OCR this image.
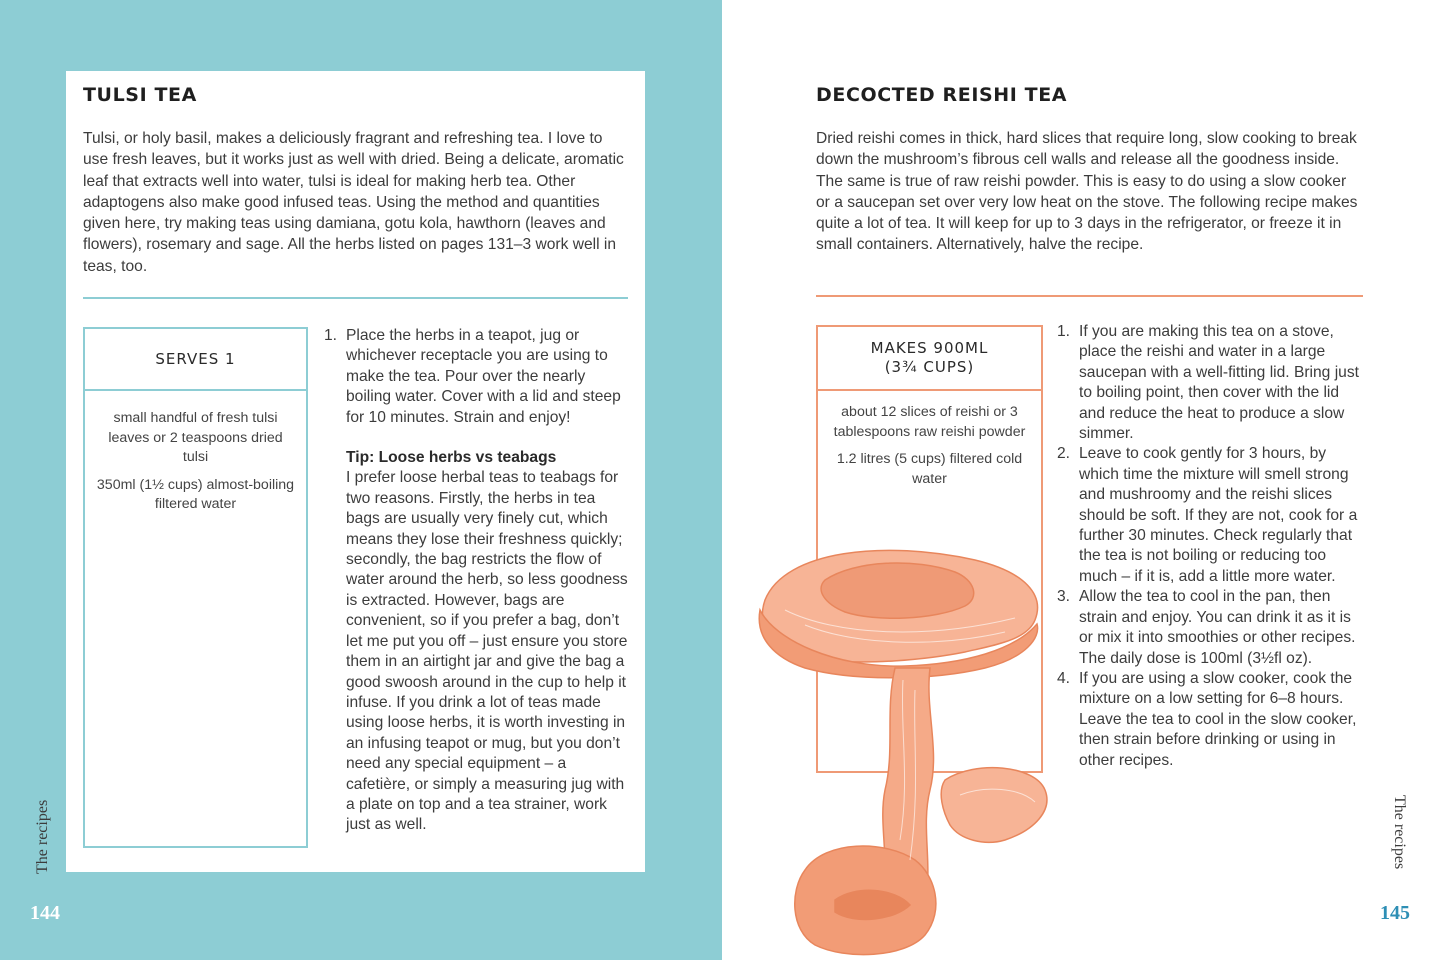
TULSI TEA

Tulsi, or holy basil, makes a deliciously fragrant and refreshing tea. I love to use fresh leaves, but it works just as well with dried. Being a delicate, aromatic leaf that extracts well into water, tulsi is ideal for making herb tea. Other adaptogens also make good infused teas. Using the method and quantities given here, try making teas using damiana, gotu kola, hawthorn (leaves and flowers), rosemary and sage. All the herbs listed on pages 131–3 work well in teas, too.

SERVES 1

small handful of fresh tulsi leaves or 2 teaspoons dried tulsi

350ml (1½ cups) almost-boiling filtered water

1. Place the herbs in a teapot, jug or whichever receptacle you are using to make the tea. Pour over the nearly boiling water. Cover with a lid and steep for 10 minutes. Strain and enjoy!
Tip: Loose herbs vs teabags
I prefer loose herbal teas to teabags for two reasons. Firstly, the herbs in tea bags are usually very finely cut, which means they lose their freshness quickly; secondly, the bag restricts the flow of water around the herb, so less goodness is extracted. However, bags are convenient, so if you prefer a bag, don’t let me put you off – just ensure you store them in an airtight jar and give the bag a good swoosh around in the cup to help it infuse. If you drink a lot of teas made using loose herbs, it is worth investing in an infusing teapot or mug, but you don’t need any special equipment – a cafetière, or simply a measuring jug with a plate on top and a tea strainer, work just as well.
The recipes
144
DECOCTED REISHI TEA

Dried reishi comes in thick, hard slices that require long, slow cooking to break down the mushroom’s fibrous cell walls and release all the goodness inside. The same is true of raw reishi powder. This is easy to do using a slow cooker or a saucepan set over very low heat on the stove. The following recipe makes quite a lot of tea. It will keep for up to 3 days in the refrigerator, or freeze it in small containers. Alternatively, halve the recipe.

MAKES 900ML
(3¾ CUPS)

about 12 slices of reishi or 3 tablespoons raw reishi powder

1.2 litres (5 cups) filtered cold water

1. If you are making this tea on a stove, place the reishi and water in a large saucepan with a well-fitting lid. Bring just to boiling point, then cover with the lid and reduce the heat to produce a slow simmer.
2. Leave to cook gently for 3 hours, by which time the mixture will smell strong and mushroomy and the reishi slices should be soft. If they are not, cook for a further 30 minutes. Check regularly that the tea is not boiling or reducing too much – if it is, add a little more water.
3. Allow the tea to cool in the pan, then strain and enjoy. You can drink it as it is or mix it into smoothies or other recipes. The daily dose is 100ml (3½fl oz).
4. If you are using a slow cooker, cook the mixture on a low setting for 6–8 hours. Leave the tea to cool in the slow cooker, then strain before drinking or using in other recipes.
The recipes
145
